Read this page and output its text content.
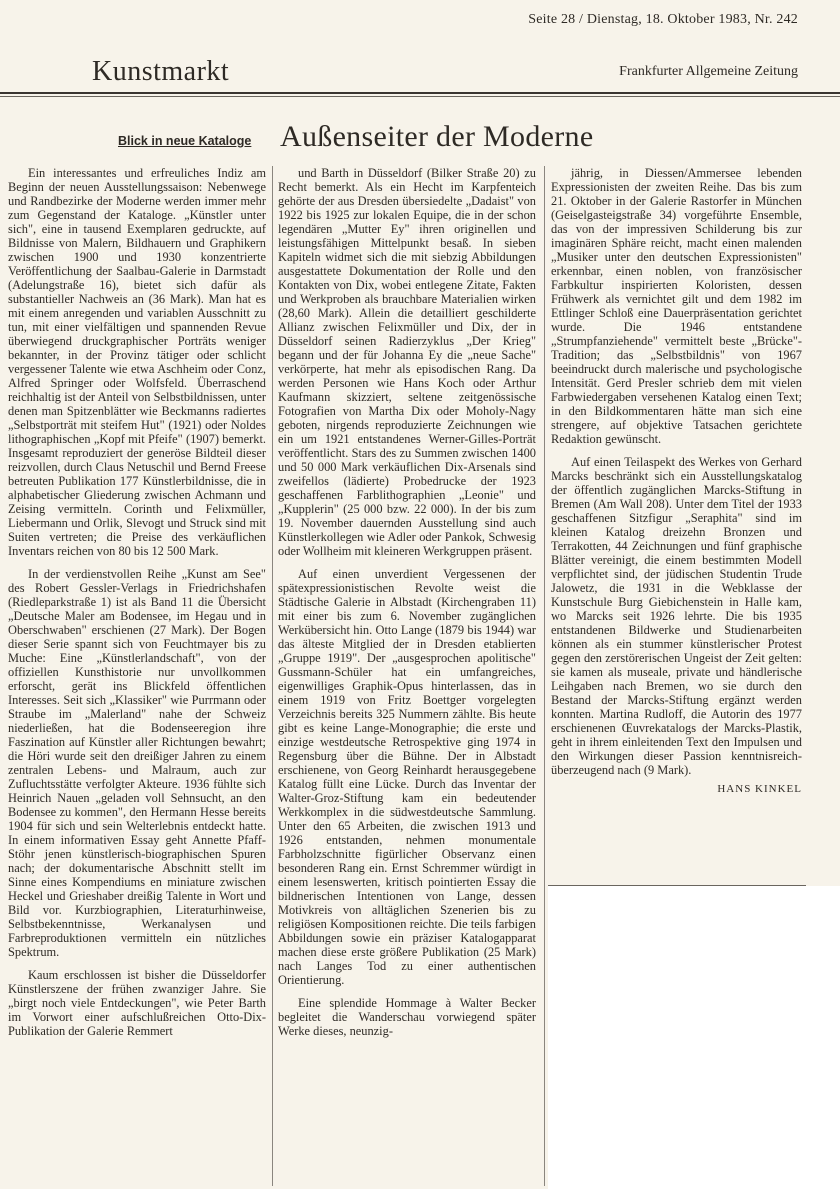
Seite 28 / Dienstag, 18. Oktober 1983, Nr. 242
Kunstmarkt	Frankfurter Allgemeine Zeitung
Blick in neue Kataloge Außenseiter der Moderne

Ein interessantes und erfreuliches Indiz am Beginn der neuen Ausstellungssaison: Nebenwege und Randbezirke der Moderne werden immer mehr zum Gegenstand der Kataloge. „Künstler unter sich", eine in tausend Exemplaren gedruckte, auf Bildnisse von Malern, Bildhauern und Graphikern zwischen 1900 und 1930 konzentrierte Veröffentlichung der Saalbau-Galerie in Darmstadt (Adelungstraße 16), bietet sich dafür als substantieller Nachweis an (36 Mark). Man hat es mit einem anregenden und variablen Ausschnitt zu tun, mit einer vielfältigen und spannenden Revue überwiegend druckgraphischer Porträts weniger bekannter, in der Provinz tätiger oder schlicht vergessener Talente wie etwa Aschheim oder Conz, Alfred Springer oder Wolfsfeld. Überraschend reichhaltig ist der Anteil von Selbstbildnissen, unter denen man Spitzenblätter wie Beckmanns radiertes „Selbstporträt mit steifem Hut" (1921) oder Noldes lithographischen „Kopf mit Pfeife" (1907) bemerkt. Insgesamt reproduziert der generöse Bildteil dieser reizvollen, durch Claus Netuschil und Bernd Freese betreuten Publikation 177 Künstlerbildnisse, die in alphabetischer Gliederung zwischen Achmann und Zeising vermitteln. Corinth und Felixmüller, Liebermann und Orlik, Slevogt und Struck sind mit Suiten vertreten; die Preise des verkäuflichen Inventars reichen von 80 bis 12 500 Mark.

In der verdienstvollen Reihe „Kunst am See" des Robert Gessler-Verlags in Friedrichshafen (Riedleparkstraße 1) ist als Band 11 die Übersicht „Deutsche Maler am Bodensee, im Hegau und in Oberschwaben" erschienen (27 Mark). Der Bogen dieser Serie spannt sich von Feuchtmayer bis zu Muche: Eine „Künstlerlandschaft", von der offiziellen Kunsthistorie nur unvollkommen erforscht, gerät ins Blickfeld öffentlichen Interesses. Seit sich „Klassiker" wie Purrmann oder Straube im „Malerland" nahe der Schweiz niederließen, hat die Bodenseeregion ihre Faszination auf Künstler aller Richtungen bewahrt; die Höri wurde seit den dreißiger Jahren zu einem zentralen Lebens- und Malraum, auch zur Zufluchtsstätte verfolgter Akteure. 1936 fühlte sich Heinrich Nauen „geladen voll Sehnsucht, an den Bodensee zu kommen", den Hermann Hesse bereits 1904 für sich und sein Welterlebnis entdeckt hatte. In einem informativen Essay geht Annette Pfaff-Stöhr jenen künstlerisch-biographischen Spuren nach; der dokumentarische Abschnitt stellt im Sinne eines Kompendiums en miniature zwischen Heckel und Grieshaber dreißig Talente in Wort und Bild vor. Kurzbiographien, Literaturhinweise, Selbstbekenntnisse, Werkanalysen und Farbreproduktionen vermitteln ein nützliches Spektrum.

Kaum erschlossen ist bisher die Düsseldorfer Künstlerszene der frühen zwanziger Jahre. Sie „birgt noch viele Entdeckungen", wie Peter Barth im Vorwort einer aufschlußreichen Otto-Dix-Publikation der Galerie Remmert

und Barth in Düsseldorf (Bilker Straße 20) zu Recht bemerkt. Als ein Hecht im Karpfenteich gehörte der aus Dresden übersiedelte „Dadaist" von 1922 bis 1925 zur lokalen Equipe, die in der schon legendären „Mutter Ey" ihren originellen und leistungsfähigen Mittelpunkt besaß. In sieben Kapiteln widmet sich die mit siebzig Abbildungen ausgestattete Dokumentation der Rolle und den Kontakten von Dix, wobei entlegene Zitate, Fakten und Werkproben als brauchbare Materialien wirken (28,60 Mark). Allein die detailliert geschilderte Allianz zwischen Felixmüller und Dix, der in Düsseldorf seinen Radierzyklus „Der Krieg" begann und der für Johanna Ey die „neue Sache" verkörperte, hat mehr als episodischen Rang. Da werden Personen wie Hans Koch oder Arthur Kaufmann skizziert, seltene zeitgenössische Fotografien von Martha Dix oder Moholy-Nagy geboten, nirgends reproduzierte Zeichnungen wie ein um 1921 entstandenes Werner-Gilles-Porträt veröffentlicht. Stars des zu Summen zwischen 1400 und 50 000 Mark verkäuflichen Dix-Arsenals sind zweifellos (lädierte) Probedrucke der 1923 geschaffenen Farblithographien „Leonie" und „Kupplerin" (25 000 bzw. 22 000). In der bis zum 19. November dauernden Ausstellung sind auch Künstlerkollegen wie Adler oder Pankok, Schwesig oder Wollheim mit kleineren Werkgruppen präsent.

Auf einen unverdient Vergessenen der spätexpressionistischen Revolte weist die Städtische Galerie in Albstadt (Kirchengraben 11) mit einer bis zum 6. November zugänglichen Werkübersicht hin. Otto Lange (1879 bis 1944) war das älteste Mitglied der in Dresden etablierten „Gruppe 1919". Der „ausgesprochen apolitische" Gussmann-Schüler hat ein umfangreiches, eigenwilliges Graphik-Opus hinterlassen, das in einem 1919 von Fritz Boettger vorgelegten Verzeichnis bereits 325 Nummern zählte. Bis heute gibt es keine Lange-Monographie; die erste und einzige westdeutsche Retrospektive ging 1974 in Regensburg über die Bühne. Der in Albstadt erschienene, von Georg Reinhardt herausgegebene Katalog füllt eine Lücke. Durch das Inventar der Walter-Groz-Stiftung kam ein bedeutender Werkkomplex in die südwestdeutsche Sammlung. Unter den 65 Arbeiten, die zwischen 1913 und 1926 entstanden, nehmen monumentale Farbholzschnitte figürlicher Observanz einen besonderen Rang ein. Ernst Schremmer würdigt in einem lesenswerten, kritisch pointierten Essay die bildnerischen Intentionen von Lange, dessen Motivkreis von alltäglichen Szenerien bis zu religiösen Kompositionen reichte. Die teils farbigen Abbildungen sowie ein präziser Katalogapparat machen diese erste größere Publikation (25 Mark) nach Langes Tod zu einer authentischen Orientierung.

Eine splendide Hommage à Walter Becker begleitet die Wanderschau vorwiegend später Werke dieses, neunzig-

jährig, in Diessen/Ammersee lebenden Expressionisten der zweiten Reihe. Das bis zum 21. Oktober in der Galerie Rastorfer in München (Geiselgasteigstraße 34) vorgeführte Ensemble, das von der impressiven Schilderung bis zur imaginären Sphäre reicht, macht einen malenden „Musiker unter den deutschen Expressionisten" erkennbar, einen noblen, von französischer Farbkultur inspirierten Koloristen, dessen Frühwerk als vernichtet gilt und dem 1982 im Ettlinger Schloß eine Dauerpräsentation gerichtet wurde. Die 1946 entstandene „Strumpfanziehende" vermittelt beste „Brücke"-Tradition; das „Selbstbildnis" von 1967 beeindruckt durch malerische und psychologische Intensität. Gerd Presler schrieb dem mit vielen Farbwiedergaben versehenen Katalog einen Text; in den Bildkommentaren hätte man sich eine strengere, auf objektive Tatsachen gerichtete Redaktion gewünscht.

Auf einen Teilaspekt des Werkes von Gerhard Marcks beschränkt sich ein Ausstellungskatalog der öffentlich zugänglichen Marcks-Stiftung in Bremen (Am Wall 208). Unter dem Titel der 1933 geschaffenen Sitzfigur „Seraphita" sind im kleinen Katalog dreizehn Bronzen und Terrakotten, 44 Zeichnungen und fünf graphische Blätter vereinigt, die einem bestimmten Modell verpflichtet sind, der jüdischen Studentin Trude Jalowetz, die 1931 in die Webklasse der Kunstschule Burg Giebichenstein in Halle kam, wo Marcks seit 1926 lehrte. Die bis 1935 entstandenen Bildwerke und Studienarbeiten können als ein stummer künstlerischer Protest gegen den zerstörerischen Ungeist der Zeit gelten: sie kamen als museale, private und händlerische Leihgaben nach Bremen, wo sie durch den Bestand der Marcks-Stiftung ergänzt werden konnten. Martina Rudloff, die Autorin des 1977 erschienenen Œuvrekatalogs der Marcks-Plastik, geht in ihrem einleitenden Text den Impulsen und den Wirkungen dieser Passion kenntnisreich-überzeugend nach (9 Mark).

HANS KINKEL
